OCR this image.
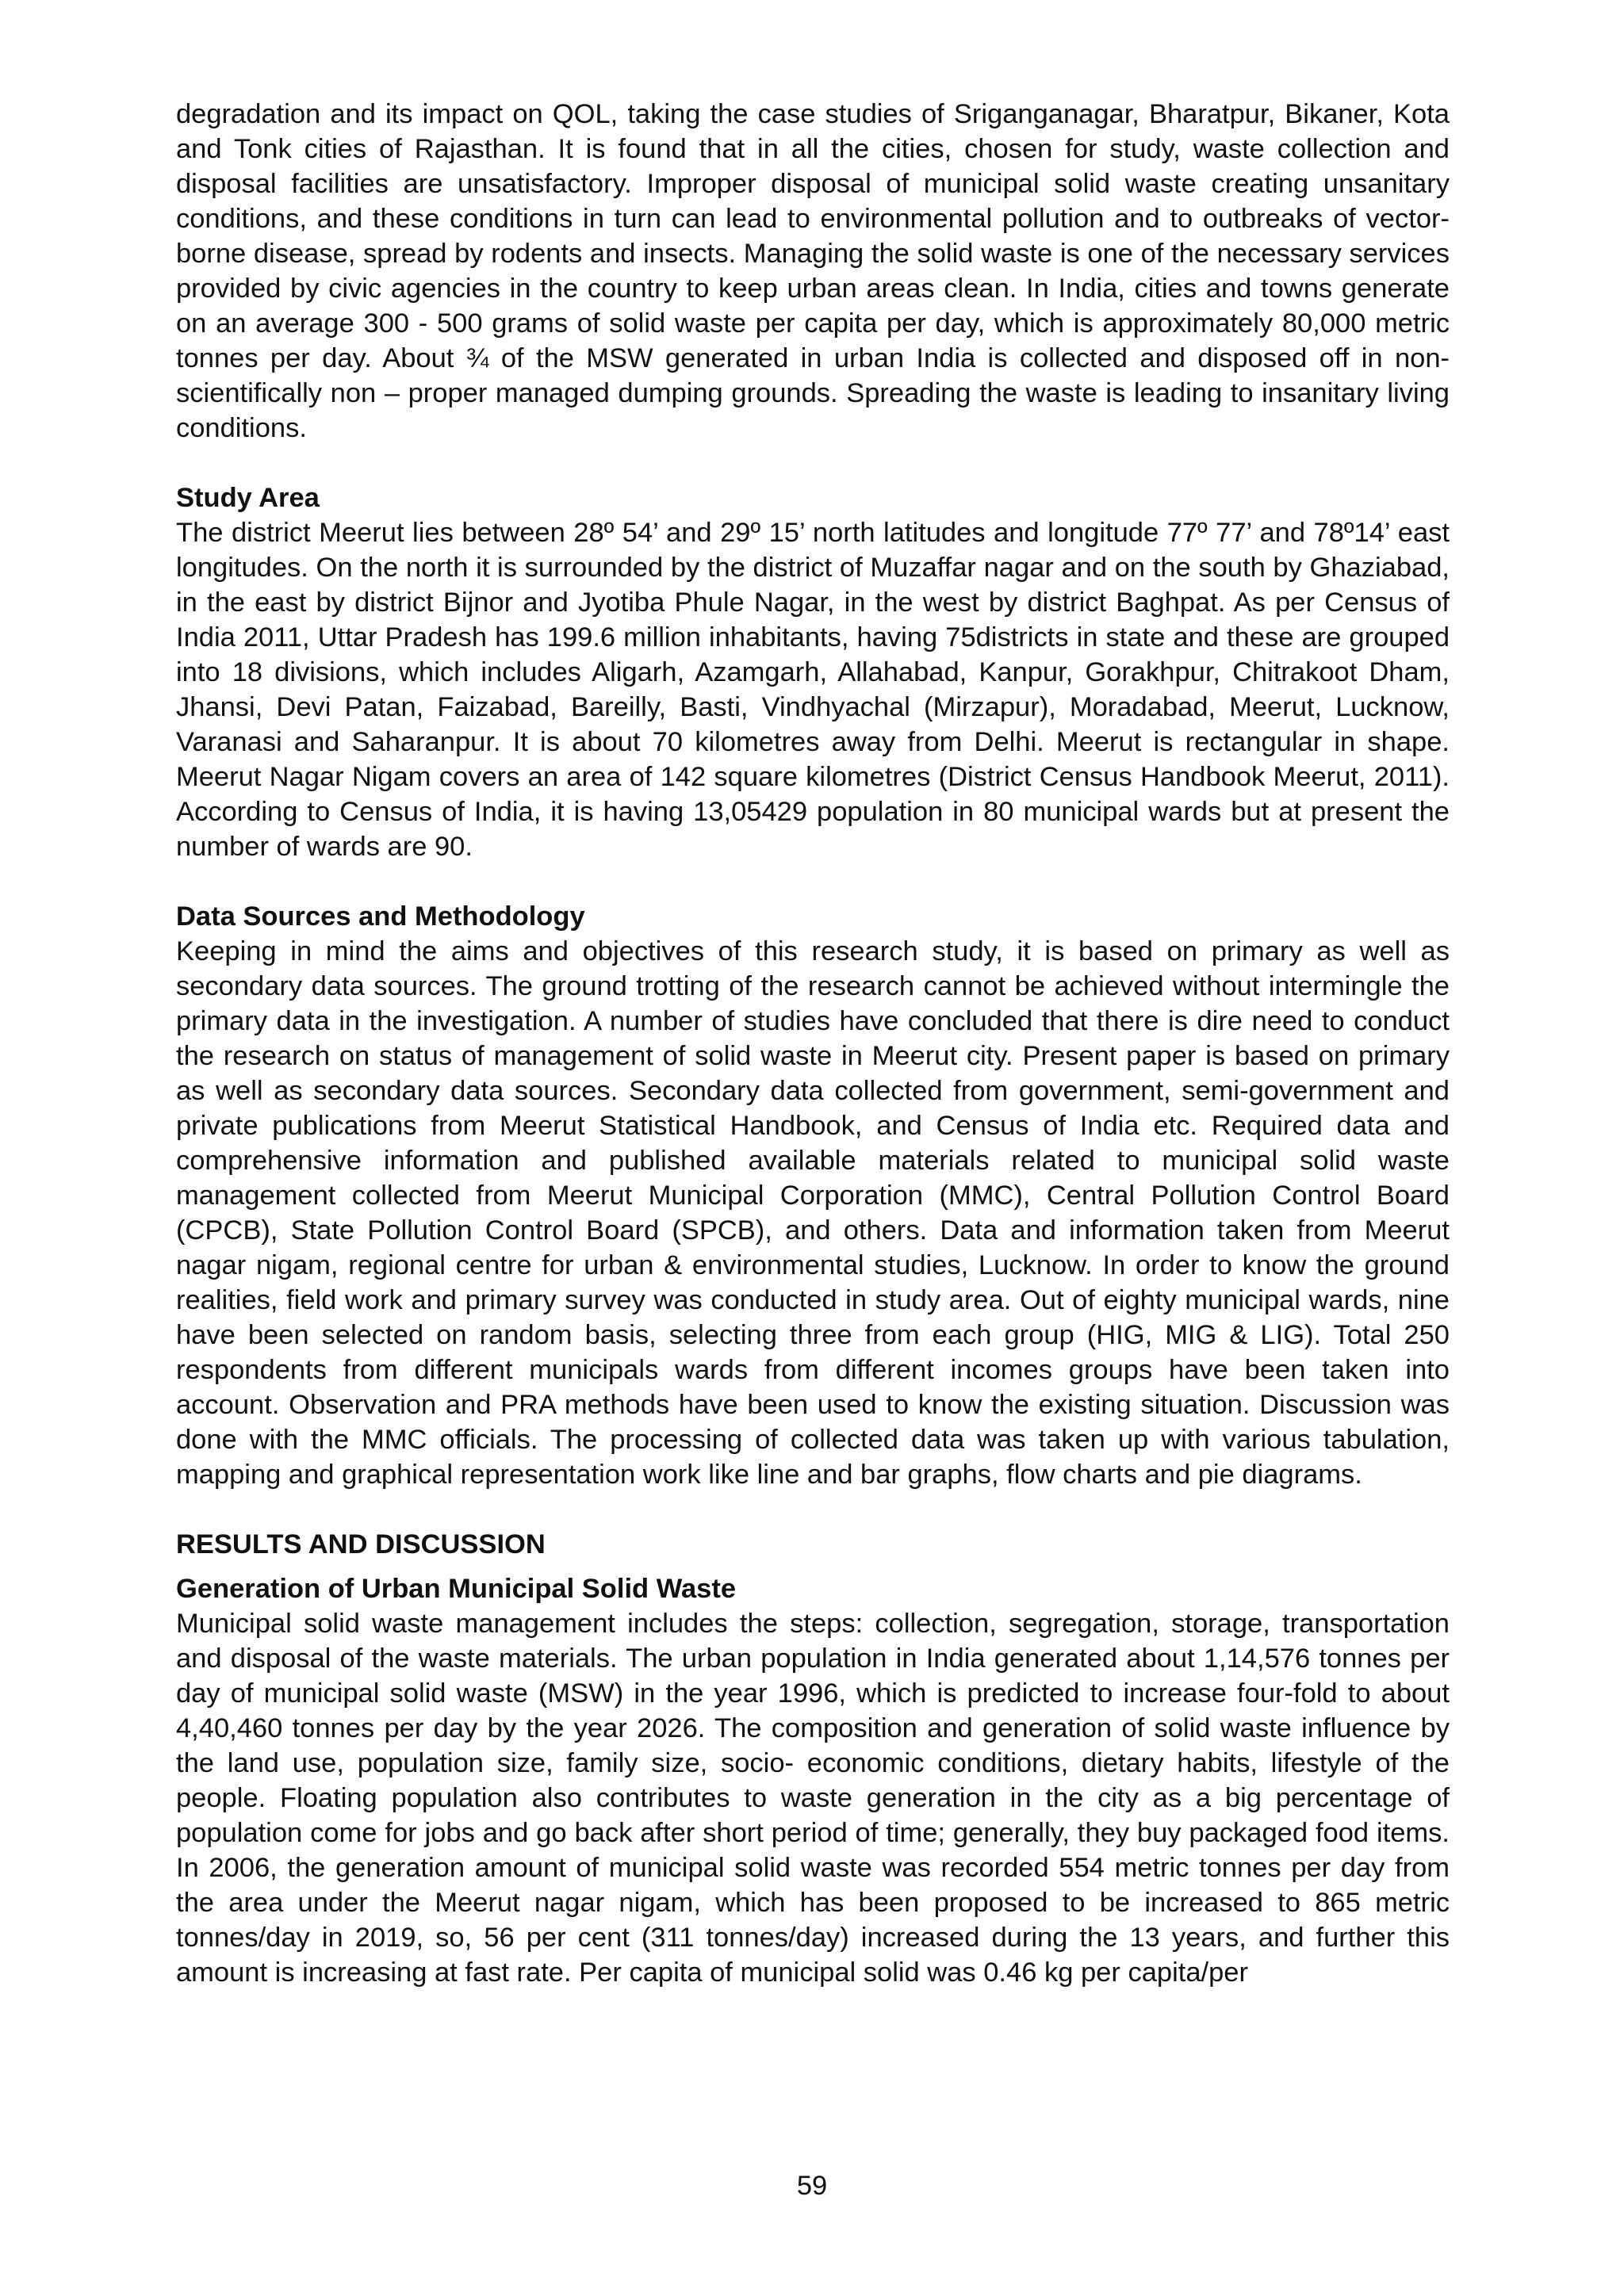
degradation and its impact on QOL, taking the case studies of Sriganganagar, Bharatpur, Bikaner, Kota and Tonk cities of Rajasthan. It is found that in all the cities, chosen for study, waste collection and disposal facilities are unsatisfactory. Improper disposal of municipal solid waste creating unsanitary conditions, and these conditions in turn can lead to environmental pollution and to outbreaks of vector-borne disease, spread by rodents and insects. Managing the solid waste is one of the necessary services provided by civic agencies in the country to keep urban areas clean. In India, cities and towns generate on an average 300 - 500 grams of solid waste per capita per day, which is approximately 80,000 metric tonnes per day. About ¾ of the MSW generated in urban India is collected and disposed off in non-scientifically non – proper managed dumping grounds. Spreading the waste is leading to insanitary living conditions.

Study Area

The district Meerut lies between 28º 54’ and 29º 15’ north latitudes and longitude 77º 77’ and 78º14’ east longitudes. On the north it is surrounded by the district of Muzaffar nagar and on the south by Ghaziabad, in the east by district Bijnor and Jyotiba Phule Nagar, in the west by district Baghpat. As per Census of India 2011, Uttar Pradesh has 199.6 million inhabitants, having 75districts in state and these are grouped into 18 divisions, which includes Aligarh, Azamgarh, Allahabad, Kanpur, Gorakhpur, Chitrakoot Dham, Jhansi, Devi Patan, Faizabad, Bareilly, Basti, Vindhyachal (Mirzapur), Moradabad, Meerut, Lucknow, Varanasi and Saharanpur. It is about 70 kilometres away from Delhi. Meerut is rectangular in shape. Meerut Nagar Nigam covers an area of 142 square kilometres (District Census Handbook Meerut, 2011). According to Census of India, it is having 13,05429 population in 80 municipal wards but at present the number of wards are 90.

Data Sources and Methodology

Keeping in mind the aims and objectives of this research study, it is based on primary as well as secondary data sources. The ground trotting of the research cannot be achieved without intermingle the primary data in the investigation. A number of studies have concluded that there is dire need to conduct the research on status of management of solid waste in Meerut city. Present paper is based on primary as well as secondary data sources. Secondary data collected from government, semi-government and private publications from Meerut Statistical Handbook, and Census of India etc. Required data and comprehensive information and published available materials related to municipal solid waste management collected from Meerut Municipal Corporation (MMC), Central Pollution Control Board (CPCB), State Pollution Control Board (SPCB), and others. Data and information taken from Meerut nagar nigam, regional centre for urban & environmental studies, Lucknow. In order to know the ground realities, field work and primary survey was conducted in study area. Out of eighty municipal wards, nine have been selected on random basis, selecting three from each group (HIG, MIG & LIG). Total 250 respondents from different municipals wards from different incomes groups have been taken into account. Observation and PRA methods have been used to know the existing situation. Discussion was done with the MMC officials. The processing of collected data was taken up with various tabulation, mapping and graphical representation work like line and bar graphs, flow charts and pie diagrams.

RESULTS AND DISCUSSION

Generation of Urban Municipal Solid Waste

Municipal solid waste management includes the steps: collection, segregation, storage, transportation and disposal of the waste materials. The urban population in India generated about 1,14,576 tonnes per day of municipal solid waste (MSW) in the year 1996, which is predicted to increase four-fold to about 4,40,460 tonnes per day by the year 2026. The composition and generation of solid waste influence by the land use, population size, family size, socio- economic conditions, dietary habits, lifestyle of the people. Floating population also contributes to waste generation in the city as a big percentage of population come for jobs and go back after short period of time; generally, they buy packaged food items. In 2006, the generation amount of municipal solid waste was recorded 554 metric tonnes per day from the area under the Meerut nagar nigam, which has been proposed to be increased to 865 metric tonnes/day in 2019, so, 56 per cent (311 tonnes/day) increased during the 13 years, and further this amount is increasing at fast rate. Per capita of municipal solid was 0.46 kg per capita/per

59
